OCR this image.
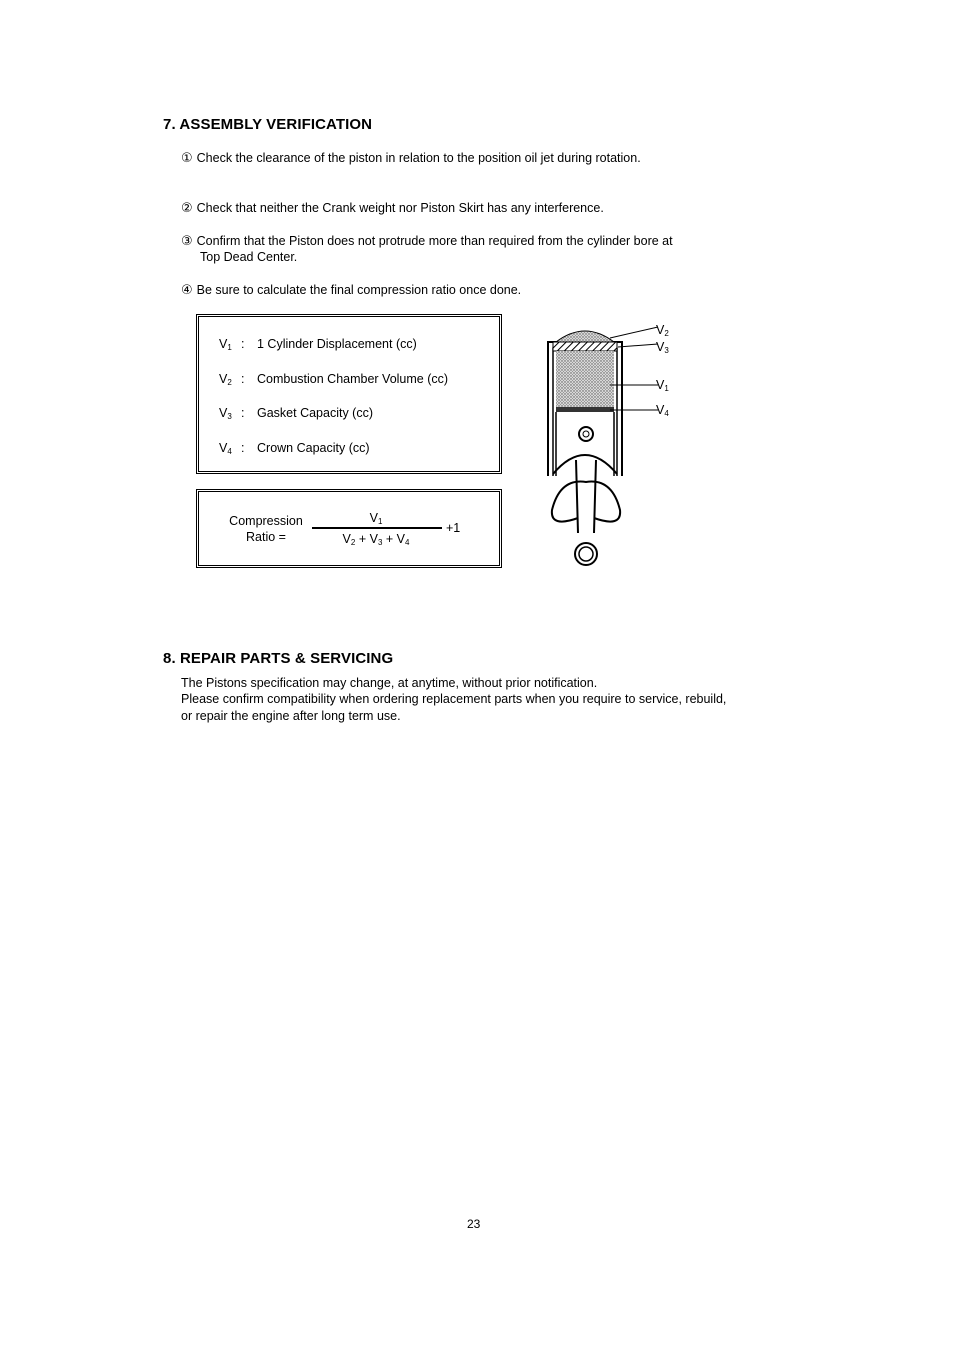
7. ASSEMBLY VERIFICATION
① Check the clearance of the piston in relation to the position oil jet during rotation.
② Check that neither the Crank weight nor Piston Skirt has any interference.
③ Confirm that the Piston does not protrude more than required from the cylinder bore at
Top Dead Center.
④ Be sure to calculate the final compression ratio once done.
$V_1$ : 1 Cylinder Displacement (cc)
$V_2$ : Combustion Chamber Volume (cc)
$V_3$ : Gasket Capacity (cc)
$V_4$ : Crown Capacity (cc)
Compression
Ratio =
$V_1$
$V_2 + V_3 + V_4$
+1
$V_2$
$V_3$
$V_1$
$V_4$
8. REPAIR PARTS & SERVICING
The Pistons specification may change, at anytime, without prior notification.
Please confirm compatibility when ordering replacement parts when you require to service, rebuild,
or repair the engine after long term use.
23
